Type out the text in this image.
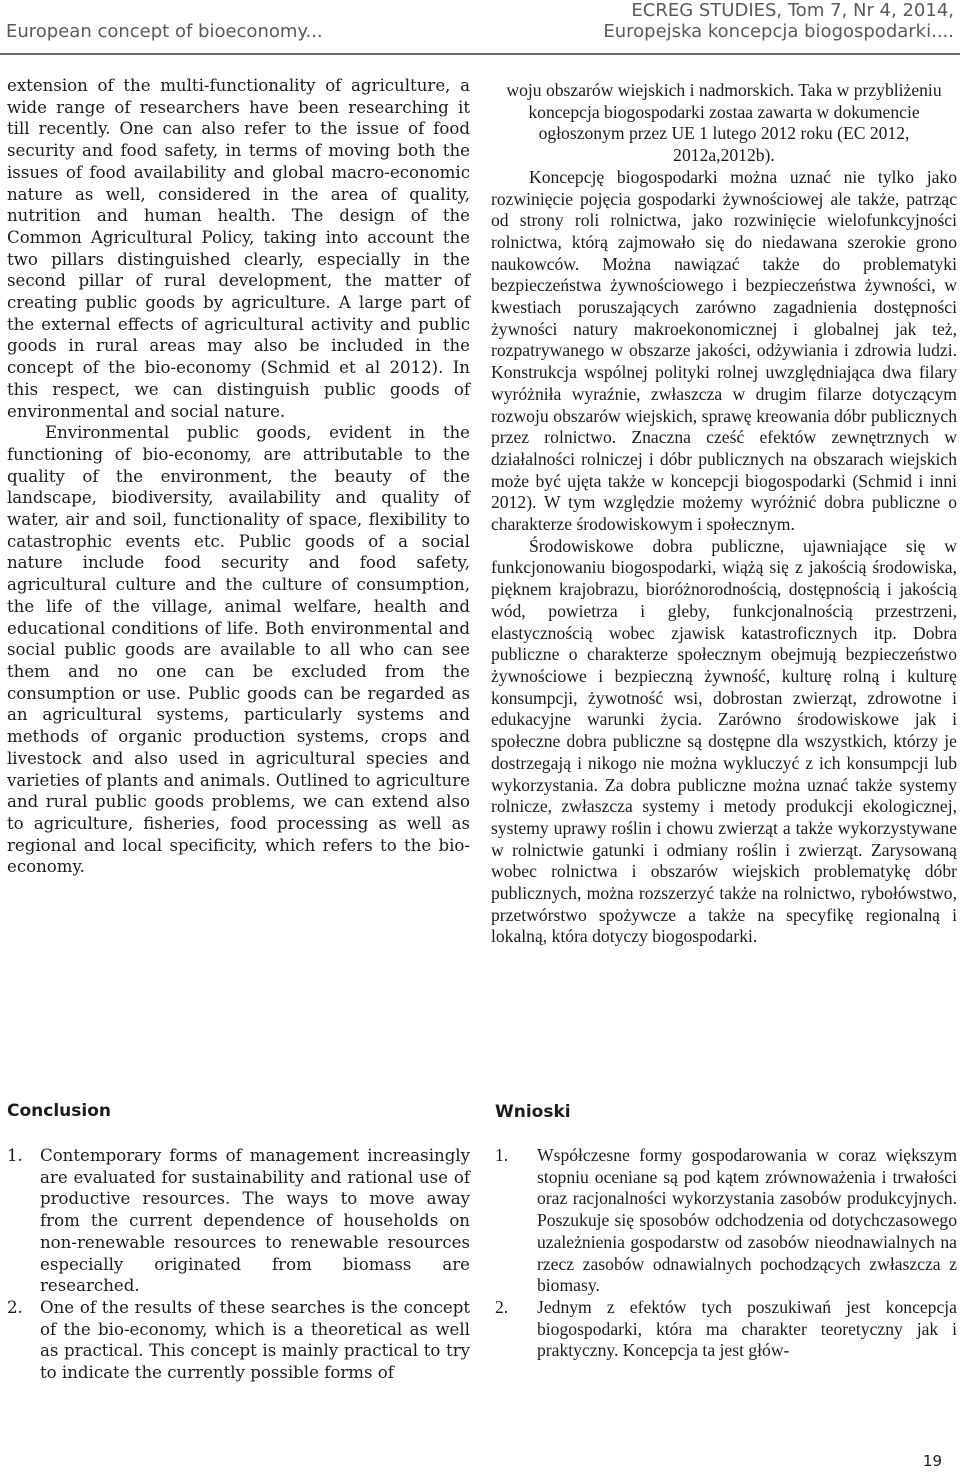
European concept of bioeconomy...
ECREG STUDIES, Tom 7, Nr 4, 2014,
Europejska koncepcja biogospodarki....

extension of the multi-functionality of agriculture, a wide range of researchers have been researching it till recently. One can also refer to the issue of food security and food safety, in terms of moving both the issues of food availability and global macro-economic nature as well, considered in the area of quality, nutrition and human health. The design of the Common Agricultural Policy, taking into account the two pillars distinguished clearly, especially in the second pillar of rural development, the matter of creating public goods by agriculture. A large part of the external effects of agricultural activity and public goods in rural areas may also be included in the concept of the bio-economy (Schmid et al 2012). In this respect, we can distinguish public goods of environmental and social nature.

Environmental public goods, evident in the functioning of bio-economy, are attributable to the quality of the environment, the beauty of the landscape, biodiversity, availability and quality of water, air and soil, functionality of space, flexibility to catastrophic events etc. Public goods of a social nature include food security and food safety, agricultural culture and the culture of consumption, the life of the village, animal welfare, health and educational conditions of life. Both environmental and social public goods are available to all who can see them and no one can be excluded from the consumption or use. Public goods can be regarded as an agricultural systems, particularly systems and methods of organic production systems, crops and livestock and also used in agricultural species and varieties of plants and animals. Outlined to agriculture and rural public goods problems, we can extend also to agriculture, fisheries, food processing as well as regional and local specificity, which refers to the bio-economy.

woju obszarów wiejskich i nadmorskich. Taka w przybliżeniu koncepcja biogospodarki zostaa zawarta w dokumencie ogłoszonym przez UE 1 lutego 2012 roku (EC 2012, 2012a,2012b).

Koncepcję biogospodarki można uznać nie tylko jako rozwinięcie pojęcia gospodarki żywnościowej ale także, patrząc od strony roli rolnictwa, jako rozwinięcie wielofunkcyjności rolnictwa, którą zajmowało się do niedawana szerokie grono naukowców. Można nawiązać także do problematyki bezpieczeństwa żywnościowego i bezpieczeństwa żywności, w kwestiach poruszających zarówno zagadnienia dostępności żywności natury makroekonomicznej i globalnej jak też, rozpatrywanego w obszarze jakości, odżywiania i zdrowia ludzi. Konstrukcja wspólnej polityki rolnej uwzględniająca dwa filary wyróżniła wyraźnie, zwłaszcza w drugim filarze dotyczącym rozwoju obszarów wiejskich, sprawę kreowania dóbr publicznych przez rolnictwo. Znaczna cześć efektów zewnętrznych w działalności rolniczej i dóbr publicznych na obszarach wiejskich może być ujęta także w koncepcji biogospodarki (Schmid i inni 2012). W tym względzie możemy wyróżnić dobra publiczne o charakterze środowiskowym i społecznym.

Środowiskowe dobra publiczne, ujawniające się w funkcjonowaniu biogospodarki, wiążą się z jakością środowiska, pięknem krajobrazu, bioróżnorodnością, dostępnością i jakością wód, powietrza i gleby, funkcjonalnością przestrzeni, elastycznością wobec zjawisk katastroficznych itp. Dobra publiczne o charakterze społecznym obejmują bezpieczeństwo żywnościowe i bezpieczną żywność, kulturę rolną i kulturę konsumpcji, żywotność wsi, dobrostan zwierząt, zdrowotne i edukacyjne warunki życia. Zarówno środowiskowe jak i społeczne dobra publiczne są dostępne dla wszystkich, którzy je dostrzegają i nikogo nie można wykluczyć z ich konsumpcji lub wykorzystania. Za dobra publiczne można uznać także systemy rolnicze, zwłaszcza systemy i metody produkcji ekologicznej, systemy uprawy roślin i chowu zwierząt a także wykorzystywane w rolnictwie gatunki i odmiany roślin i zwierząt. Zarysowaną wobec rolnictwa i obszarów wiejskich problematykę dóbr publicznych, można rozszerzyć także na rolnictwo, rybołówstwo, przetwórstwo spożywcze a także na specyfikę regionalną i lokalną, która dotyczy biogospodarki.

Conclusion	Wnioski
1. Contemporary forms of management increasingly are evaluated for sustainability and rational use of productive resources. The ways to move away from the current dependence of households on non-renewable resources to renewable resources especially originated from biomass are researched.
2. One of the results of these searches is the concept of the bio-economy, which is a theoretical as well as practical. This concept is mainly practical to try to indicate the currently possible forms of
1. Współczesne formy gospodarowania w coraz większym stopniu oceniane są pod kątem zrównoważenia i trwałości oraz racjonalności wykorzystania zasobów produkcyjnych. Poszukuje się sposobów odchodzenia od dotychczasowego uzależnienia gospodarstw od zasobów nieodnawialnych na rzecz zasobów odnawialnych pochodzących zwłaszcza z biomasy.
2. Jednym z efektów tych poszukiwań jest koncepcja biogospodarki, która ma charakter teoretyczny jak i praktyczny. Koncepcja ta jest głów-
19
